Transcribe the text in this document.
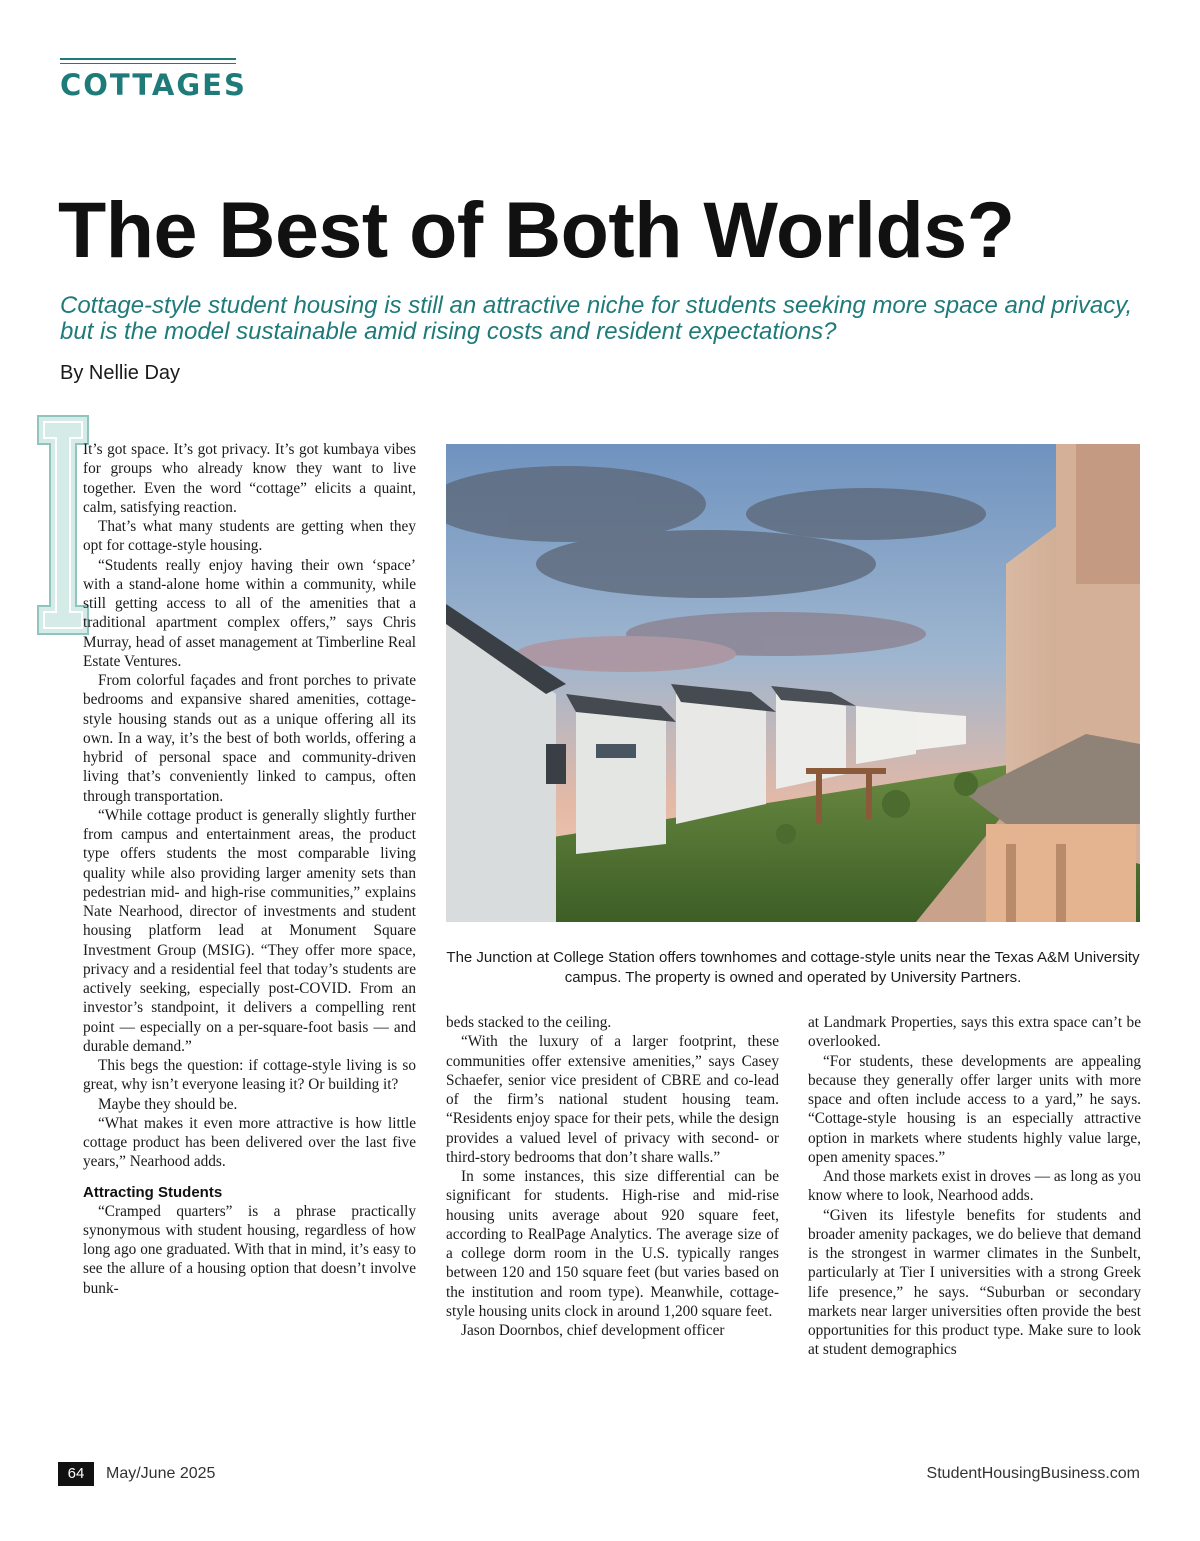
COTTAGES
The Best of Both Worlds?

Cottage-style student housing is still an attractive niche for students seeking more space and privacy, but is the model sustainable amid rising costs and resident expectations?

By Nellie Day

It’s got space. It’s got privacy. It’s got kumbaya vibes for groups who already know they want to live together. Even the word “cottage” elicits a quaint, calm, satisfying reaction.

That’s what many students are getting when they opt for cottage-style housing.

“Students really enjoy having their own ‘space’ with a stand-alone home within a community, while still getting access to all of the amenities that a traditional apartment complex offers,” says Chris Murray, head of asset management at Timberline Real Estate Ventures.

From colorful façades and front porches to private bedrooms and expansive shared amenities, cottage-style housing stands out as a unique offering all its own. In a way, it’s the best of both worlds, offering a hybrid of personal space and community-driven living that’s conveniently linked to campus, often through transportation.

“While cottage product is generally slightly further from campus and entertainment areas, the product type offers students the most comparable living quality while also providing larger amenity sets than pedestrian mid- and high-rise communities,” explains Nate Nearhood, director of investments and student housing platform lead at Monument Square Investment Group (MSIG). “They offer more space, privacy and a residential feel that today’s students are actively seeking, especially post-COVID. From an investor’s standpoint, it delivers a compelling rent point — especially on a per-square-foot basis — and durable demand.”

This begs the question: if cottage-style living is so great, why isn’t everyone leasing it? Or building it?

Maybe they should be.

“What makes it even more attractive is how little cottage product has been delivered over the last five years,” Nearhood adds.

Attracting Students

“Cramped quarters” is a phrase practically synonymous with student housing, regardless of how long ago one graduated. With that in mind, it’s easy to see the allure of a housing option that doesn’t involve bunk-

The Junction at College Station offers townhomes and cottage-style units near the Texas A&M University campus. The property is owned and operated by University Partners.

beds stacked to the ceiling.

“With the luxury of a larger footprint, these communities offer extensive amenities,” says Casey Schaefer, senior vice president of CBRE and co-lead of the firm’s national student housing team. “Residents enjoy space for their pets, while the design provides a valued level of privacy with second- or third-story bedrooms that don’t share walls.”

In some instances, this size differential can be significant for students. High-rise and mid-rise housing units average about 920 square feet, according to RealPage Analytics. The average size of a college dorm room in the U.S. typically ranges between 120 and 150 square feet (but varies based on the institution and room type). Meanwhile, cottage-style housing units clock in around 1,200 square feet.

Jason Doornbos, chief development officer

at Landmark Properties, says this extra space can’t be overlooked.

“For students, these developments are appealing because they generally offer larger units with more space and often include access to a yard,” he says. “Cottage-style housing is an especially attractive option in markets where students highly value large, open amenity spaces.”

And those markets exist in droves — as long as you know where to look, Nearhood adds.

“Given its lifestyle benefits for students and broader amenity packages, we do believe that demand is the strongest in warmer climates in the Sunbelt, particularly at Tier I universities with a strong Greek life presence,” he says. “Suburban or secondary markets near larger universities often provide the best opportunities for this product type. Make sure to look at student demographics

64	May/June 2025	StudentHousingBusiness.com
